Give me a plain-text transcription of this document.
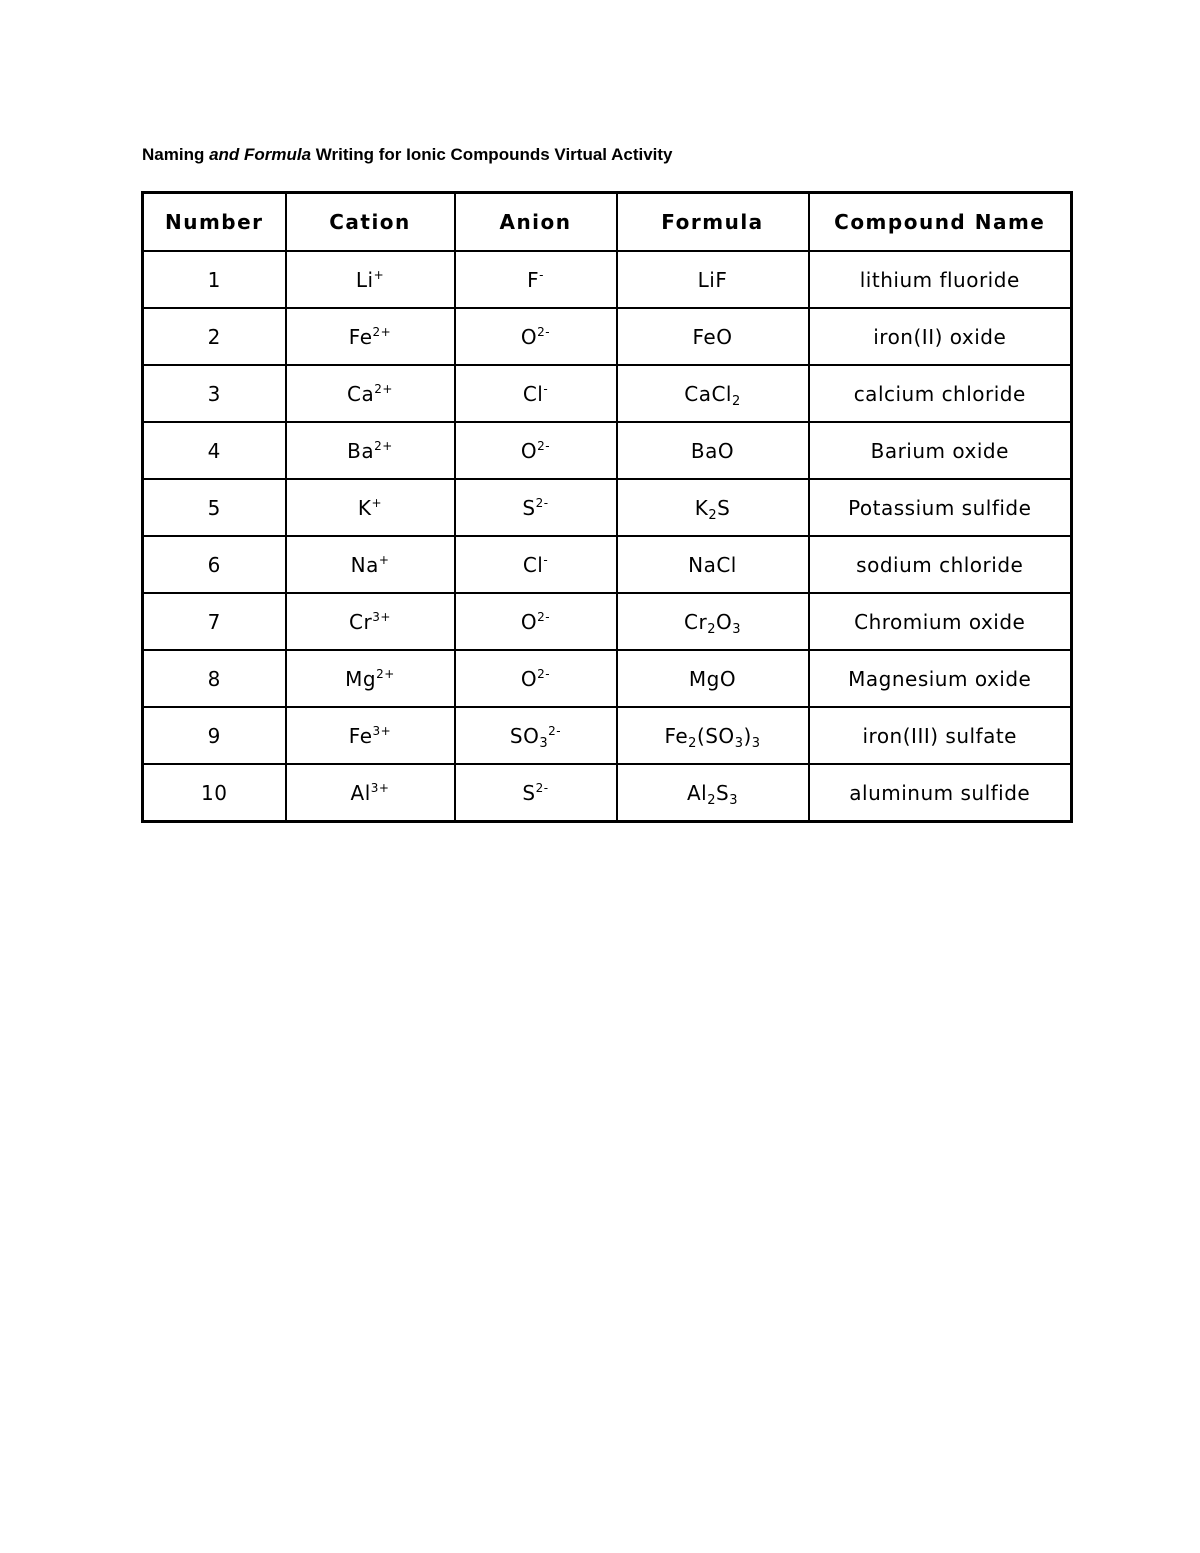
Naming and Formula Writing for Ionic Compounds Virtual Activity
Number	Cation	Anion	Formula	Compound Name
1	Li+	F-	LiF	lithium fluoride
2	$Fe^{2+}$	$O^{2-}$	FeO	iron(II) oxide
3	$Ca^{2+}$	Cl-	CaCl$_2$	calcium chloride
4	$Ba^{2+}$	$O^{2-}$	BaO	Barium oxide
5	K+	$S^{2-}$	$K_2S$	Potassium sulfide
6	Na+	Cl-	NaCl	sodium chloride
7	$Cr^{3+}$	$O^{2-}$	$Cr_2O_3$	Chromium oxide
8	$Mg^{2+}$	$O^{2-}$	MgO	Magnesium oxide
9	$Fe^{3+}$	$SO_3^{2-}$	$Fe_2(SO_3)_3$	iron(III) sulfate
10	$Al^{3+}$	$S^{2-}$	$Al_2S_3$	aluminum sulfide
